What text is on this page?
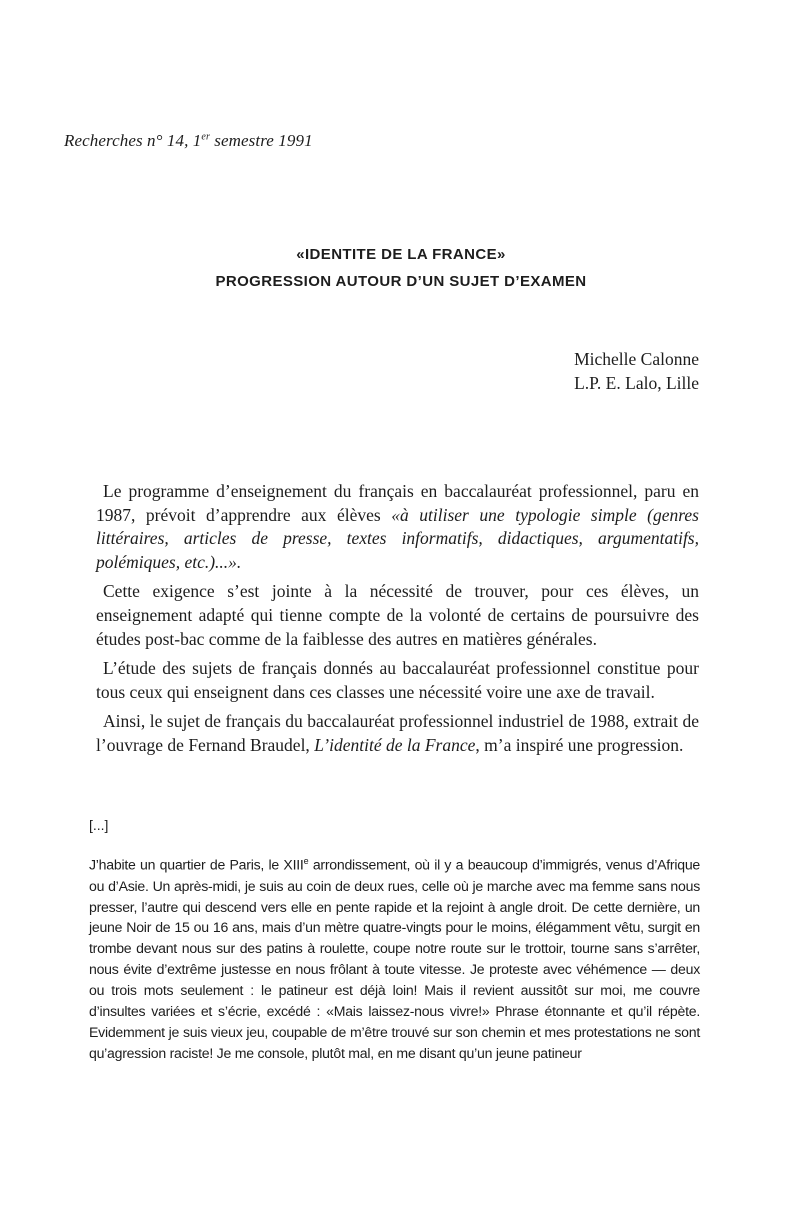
Recherches n° 14, 1er semestre 1991
«IDENTITE DE LA FRANCE»
PROGRESSION AUTOUR D’UN SUJET D’EXAMEN
Michelle Calonne
L.P. E. Lalo, Lille

Le programme d’enseignement du français en baccalauréat professionnel, paru en 1987, prévoit d’apprendre aux élèves «à utiliser une typologie simple (genres littéraires, articles de presse, textes informatifs, didactiques, argumentatifs, polémiques, etc.)...».

Cette exigence s’est jointe à la nécessité de trouver, pour ces élèves, un enseignement adapté qui tienne compte de la volonté de certains de poursuivre des études post-bac comme de la faiblesse des autres en matières générales.

L’étude des sujets de français donnés au baccalauréat professionnel constitue pour tous ceux qui enseignent dans ces classes une nécessité voire une axe de travail.

Ainsi, le sujet de français du baccalauréat professionnel industriel de 1988, extrait de l’ouvrage de Fernand Braudel, L’identité de la France, m’a inspiré une progression.

[...]

J’habite un quartier de Paris, le XIIIe arrondissement, où il y a beaucoup d’immigrés, venus d’Afrique ou d’Asie. Un après-midi, je suis au coin de deux rues, celle où je marche avec ma femme sans nous presser, l’autre qui descend vers elle en pente rapide et la rejoint à angle droit. De cette dernière, un jeune Noir de 15 ou 16 ans, mais d’un mètre quatre-vingts pour le moins, élégamment vêtu, surgit en trombe devant nous sur des patins à roulette, coupe notre route sur le trottoir, tourne sans s’arrêter, nous évite d’extrême justesse en nous frôlant à toute vitesse. Je proteste avec véhémence — deux ou trois mots seulement : le patineur est déjà loin! Mais il revient aussitôt sur moi, me couvre d’insultes variées et s’écrie, excédé : «Mais laissez-nous vivre!» Phrase étonnante et qu’il répète. Evidemment je suis vieux jeu, coupable de m’être trouvé sur son chemin et mes protestations ne sont qu’agression raciste! Je me console, plutôt mal, en me disant qu’un jeune patineur
